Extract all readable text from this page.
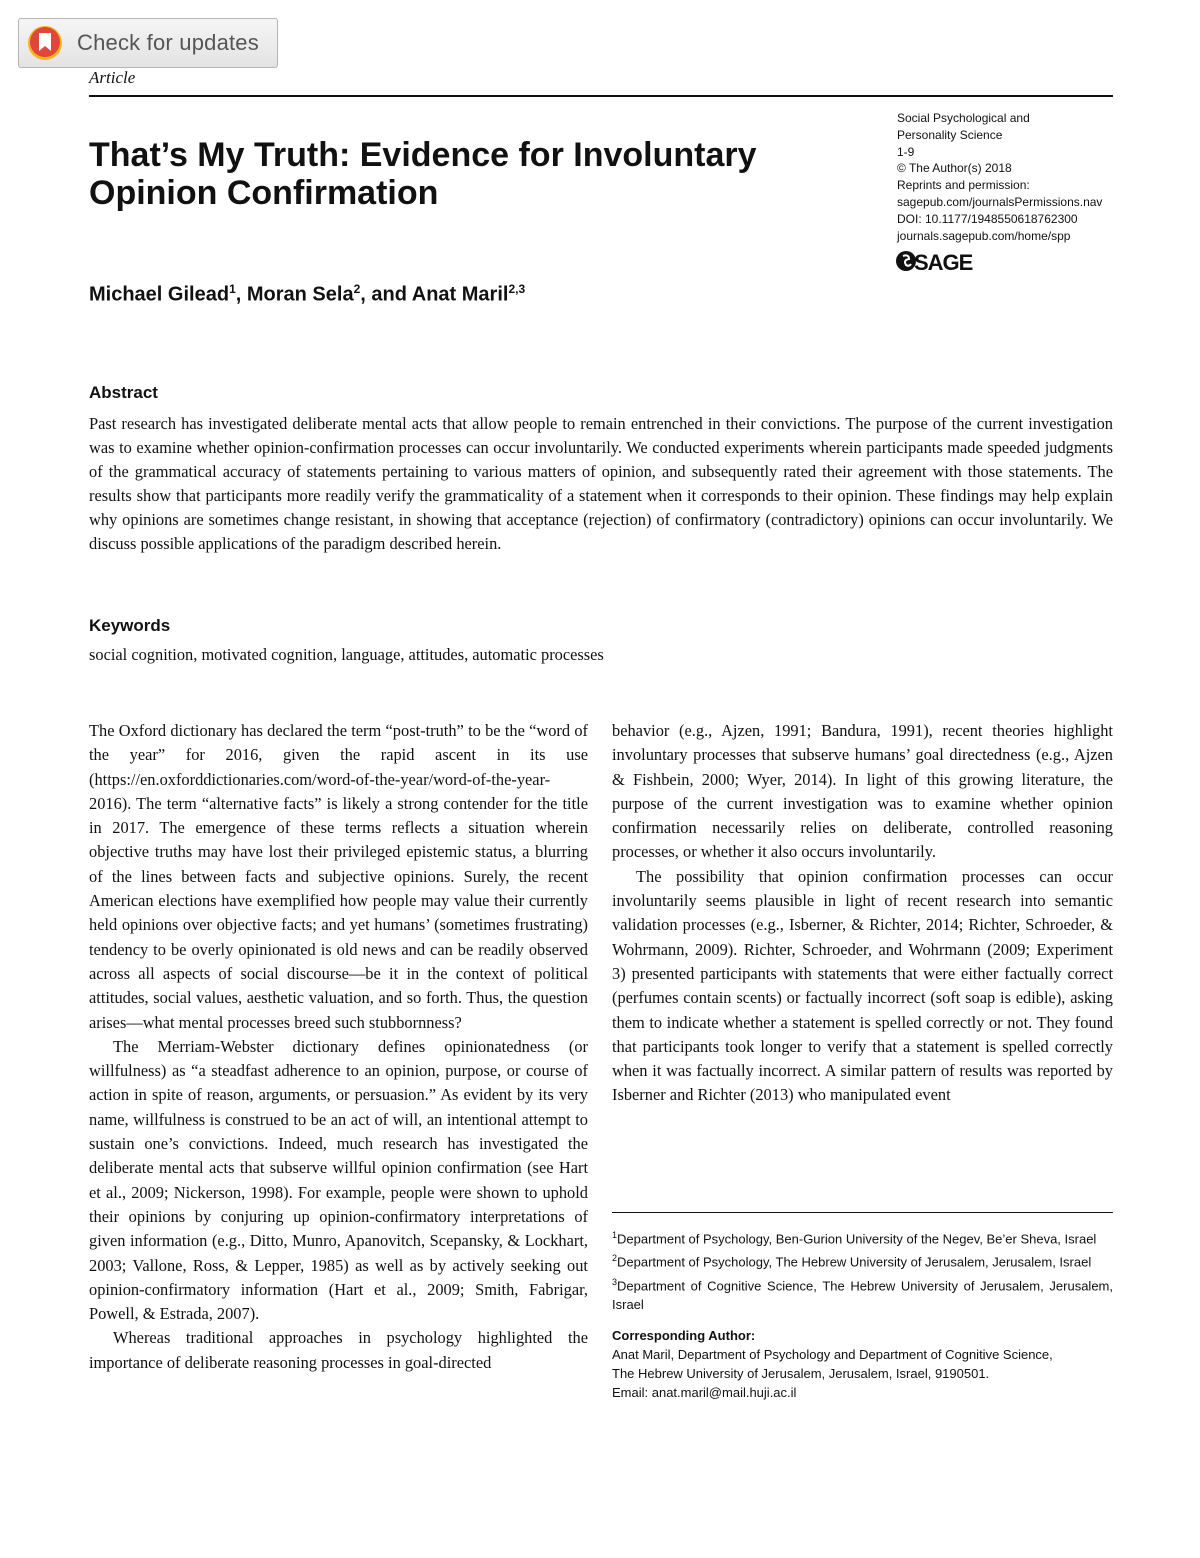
Check for updates
Article
That’s My Truth: Evidence for Involuntary
Opinion Confirmation
Social Psychological and
Personality Science
1-9
© The Author(s) 2018
Reprints and permission:
sagepub.com/journalsPermissions.nav
DOI: 10.1177/1948550618762300
journals.sagepub.com/home/spp
SAGE
Michael Gilead$^1$, Moran Sela$^2$, and Anat Maril$^{2,3}$
Abstract
Past research has investigated deliberate mental acts that allow people to remain entrenched in their convictions. The purpose of the current investigation was to examine whether opinion-confirmation processes can occur involuntarily. We conducted experiments wherein participants made speeded judgments of the grammatical accuracy of statements pertaining to various matters of opinion, and subsequently rated their agreement with those statements. The results show that participants more readily verify the grammaticality of a statement when it corresponds to their opinion. These findings may help explain why opinions are sometimes change resistant, in showing that acceptance (rejection) of confirmatory (contradictory) opinions can occur involuntarily. We discuss possible applications of the paradigm described herein.
Keywords
social cognition, motivated cognition, language, attitudes, automatic processes

The Oxford dictionary has declared the term “post-truth” to be the “word of the year” for 2016, given the rapid ascent in its use (https://en.oxforddictionaries.com/word-of-the-year/word-of-the-year-2016). The term “alternative facts” is likely a strong contender for the title in 2017. The emergence of these terms reflects a situation wherein objective truths may have lost their privileged epistemic status, a blurring of the lines between facts and subjective opinions. Surely, the recent American elections have exemplified how people may value their currently held opinions over objective facts; and yet humans’ (sometimes frustrating) tendency to be overly opinionated is old news and can be readily observed across all aspects of social discourse—be it in the context of political attitudes, social values, aesthetic valuation, and so forth. Thus, the question arises—what mental processes breed such stubbornness?

The Merriam-Webster dictionary defines opinionatedness (or willfulness) as “a steadfast adherence to an opinion, purpose, or course of action in spite of reason, arguments, or persuasion.” As evident by its very name, willfulness is construed to be an act of will, an intentional attempt to sustain one’s convictions. Indeed, much research has investigated the deliberate mental acts that subserve willful opinion confirmation (see Hart et al., 2009; Nickerson, 1998). For example, people were shown to uphold their opinions by conjuring up opinion-confirmatory interpretations of given information (e.g., Ditto, Munro, Apanovitch, Scepansky, & Lockhart, 2003; Vallone, Ross, & Lepper, 1985) as well as by actively seeking out opinion-confirmatory information (Hart et al., 2009; Smith, Fabrigar, Powell, & Estrada, 2007).

Whereas traditional approaches in psychology highlighted the importance of deliberate reasoning processes in goal-directed

behavior (e.g., Ajzen, 1991; Bandura, 1991), recent theories highlight involuntary processes that subserve humans’ goal directedness (e.g., Ajzen & Fishbein, 2000; Wyer, 2014). In light of this growing literature, the purpose of the current investigation was to examine whether opinion confirmation necessarily relies on deliberate, controlled reasoning processes, or whether it also occurs involuntarily.

The possibility that opinion confirmation processes can occur involuntarily seems plausible in light of recent research into semantic validation processes (e.g., Isberner, & Richter, 2014; Richter, Schroeder, & Wohrmann, 2009). Richter, Schroeder, and Wohrmann (2009; Experiment 3) presented participants with statements that were either factually correct (perfumes contain scents) or factually incorrect (soft soap is edible), asking them to indicate whether a statement is spelled correctly or not. They found that participants took longer to verify that a statement is spelled correctly when it was factually incorrect. A similar pattern of results was reported by Isberner and Richter (2013) who manipulated event

$^1$Department of Psychology, Ben-Gurion University of the Negev, Be’er Sheva, Israel
$^2$Department of Psychology, The Hebrew University of Jerusalem, Jerusalem, Israel
$^3$Department of Cognitive Science, The Hebrew University of Jerusalem, Jerusalem, Israel
Corresponding Author:
Anat Maril, Department of Psychology and Department of Cognitive Science,
The Hebrew University of Jerusalem, Jerusalem, Israel, 9190501.
Email: anat.maril@mail.huji.ac.il
